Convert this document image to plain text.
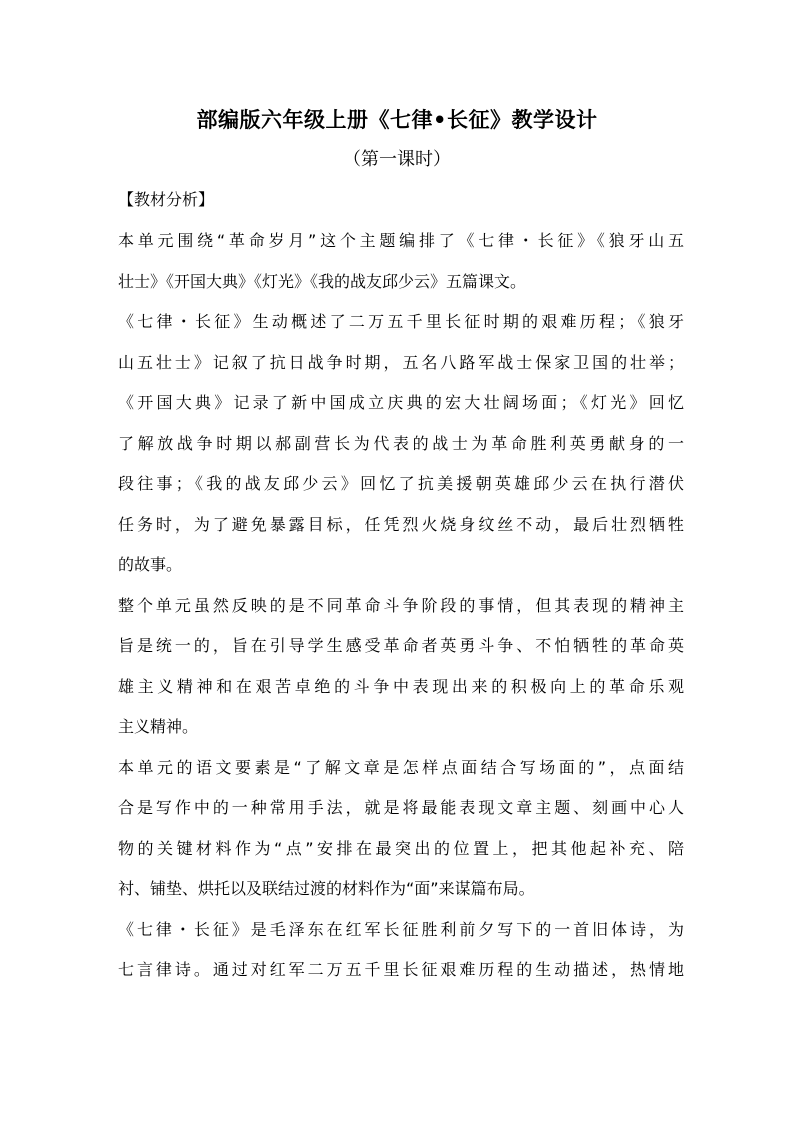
部编版六年级上册《七律•长征》教学设计
（第一课时）
【教材分析】
本单元围绕“革命岁月”这个主题编排了《七律・长征》《狼牙山五
壮士》《开国大典》《灯光》《我的战友邱少云》五篇课文。
《七律・长征》生动概述了二万五千里长征时期的艰难历程；《狼牙
山五壮士》记叙了抗日战争时期，五名八路军战士保家卫国的壮举；
《开国大典》记录了新中国成立庆典的宏大壮阔场面；《灯光》回忆
了解放战争时期以郝副营长为代表的战士为革命胜利英勇献身的一
段往事；《我的战友邱少云》回忆了抗美援朝英雄邱少云在执行潜伏
任务时，为了避免暴露目标，任凭烈火烧身纹丝不动，最后壮烈牺牲
的故事。
整个单元虽然反映的是不同革命斗争阶段的事情，但其表现的精神主
旨是统一的，旨在引导学生感受革命者英勇斗争、不怕牺牲的革命英
雄主义精神和在艰苦卓绝的斗争中表现出来的积极向上的革命乐观
主义精神。
本单元的语文要素是“了解文章是怎样点面结合写场面的”，点面结
合是写作中的一种常用手法，就是将最能表现文章主题、刻画中心人
物的关键材料作为“点”安排在最突出的位置上，把其他起补充、陪
衬、铺垫、烘托以及联结过渡的材料作为“面”来谋篇布局。
《七律・长征》是毛泽东在红军长征胜利前夕写下的一首旧体诗，为
七言律诗。通过对红军二万五千里长征艰难历程的生动描述，热情地
